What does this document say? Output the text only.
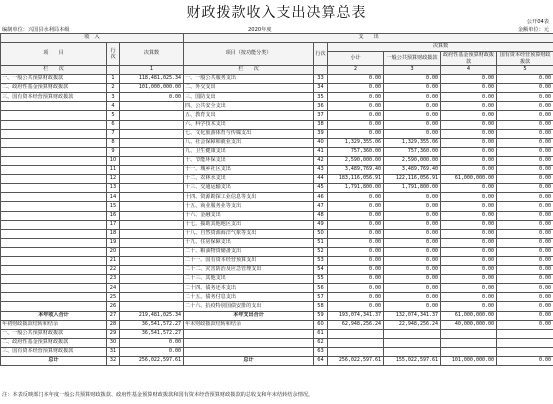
财政拨款收入支出决算总表
公开04表
编制单位：兴国县水利局本级	2020年度	金额单位：元
收　入			支　　出					
项　　目	行次	决算数	项目（按功能分类）	行次	决算数			
					小计	一般公共预算财政拨款	政府性基金预算财政拨款	国有资本经营预算财政拨款

栏　　次		1	栏　　次		2	3	4	5
一、一般公共预算财政拨款	1	118,481,025.34	一、一般公共服务支出	33	0.00	0.00	0.00	0.00
二、政府性基金预算财政拨款	2	101,000,000.00	二、外交支出	34	0.00	0.00	0.00	0.00
三、国有资本经营预算财政拨款	3	0.00	三、国防支出	35	0.00	0.00	0.00	0.00
	4		四、公共安全支出	36	0.00	0.00	0.00	0.00
	5		五、教育支出	37	0.00	0.00	0.00	0.00
	6		六、科学技术支出	38	0.00	0.00	0.00	0.00
	7		七、文化旅游体育与传媒支出	39	0.00	0.00	0.00	0.00
	8		八、社会保障和就业支出	40	1,329,355.06	1,329,355.06	0.00	0.00
	9		九、卫生健康支出	41	757,360.00	757,360.00	0.00	0.00
	10		十、节能环保支出	42	2,590,000.00	2,590,000.00	0.00	0.00
	11		十一、城乡社区支出	43	3,489,769.40	3,489,769.40	0.00	0.00
	12		十二、农林水支出	44	183,116,056.91	122,116,056.91	61,000,000.00	0.00
	13		十三、交通运输支出	45	1,791,800.00	1,791,800.00	0.00	0.00
	14		十四、资源勘探工业信息等支出	46	0.00	0.00	0.00	0.00
	15		十五、商业服务业等支出	47	0.00	0.00	0.00	0.00
	16		十六、金融支出	48	0.00	0.00	0.00	0.00
	17		十七、援助其他地区支出	49	0.00	0.00	0.00	0.00
	18		十八、自然资源海洋气象等支出	50	0.00	0.00	0.00	0.00
	19		十九、住房保障支出	51	0.00	0.00	0.00	0.00
	20		二十、粮油物资储备支出	52	0.00	0.00	0.00	0.00
	21		二十一、国有资本经营预算支出	53	0.00	0.00	0.00	0.00
	22		二十二、灾害防治及应急管理支出	54	0.00	0.00	0.00	0.00
	23		二十三、其他支出	55	0.00	0.00	0.00	0.00
	24		二十四、债务还本支出	56	0.00	0.00	0.00	0.00
	25		二十五、债务付息支出	57	0.00	0.00	0.00	0.00
	26		二十六、抗疫特别国债安排的支出	58	0.00	0.00	0.00	0.00
本年收入合计	27	219,481,025.34	本年支出合计	59	193,074,341.37	132,074,341.37	61,000,000.00	0.00
年初财政拨款结转和结余	28	36,541,572.27	年末财政拨款结转和结余	60	62,948,256.24	22,948,256.24	40,000,000.00	0.00
一、一般公共预算财政拨款	29	36,541,572.27		61				
二、政府性基金预算财政拨款	30	0.00		62				
三、国有资本经营预算财政拨款	31	0.00		63				
总计	32	256,022,597.61	总计	64	256,022,597.61	155,022,597.61	101,000,000.00	0.00
注：本表反映部门本年度一般公共预算财政拨款、政府性基金预算财政拨款和国有资本经营预算财政拨款的总收支和年末结转结余情况。
